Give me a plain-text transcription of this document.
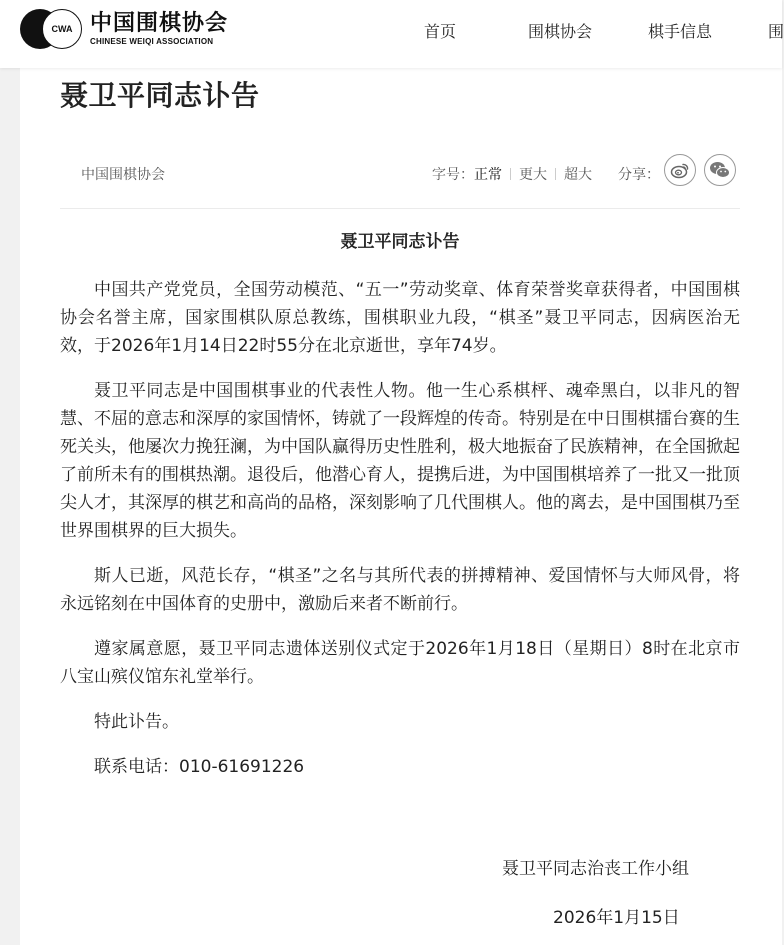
CWA 中国围棋协会
CHINESE WEIQI ASSOCIATION	首页	围棋协会	棋手信息	围
聂卫平同志讣告
中国围棋协会	字号： 正常 更大 超大 分享：
聂卫平同志讣告

中国共产党党员，全国劳动模范、“五一”劳动奖章、体育荣誉奖章获得者，中国围棋协会名誉主席，国家围棋队原总教练，围棋职业九段，“棋圣”聂卫平同志，因病医治无效，于2026年1月14日22时55分在北京逝世，享年74岁。

聂卫平同志是中国围棋事业的代表性人物。他一生心系棋枰、魂牵黑白，以非凡的智慧、不屈的意志和深厚的家国情怀，铸就了一段辉煌的传奇。特别是在中日围棋擂台赛的生死关头，他屡次力挽狂澜，为中国队赢得历史性胜利，极大地振奋了民族精神，在全国掀起了前所未有的围棋热潮。退役后，他潜心育人，提携后进，为中国围棋培养了一批又一批顶尖人才，其深厚的棋艺和高尚的品格，深刻影响了几代围棋人。他的离去，是中国围棋乃至世界围棋界的巨大损失。

斯人已逝，风范长存，“棋圣”之名与其所代表的拼搏精神、爱国情怀与大师风骨，将永远铭刻在中国体育的史册中，激励后来者不断前行。

遵家属意愿，聂卫平同志遗体送别仪式定于2026年1月18日（星期日）8时在北京市八宝山殡仪馆东礼堂举行。

特此讣告。

联系电话：010-61691226

聂卫平同志治丧工作小组
2026年1月15日
